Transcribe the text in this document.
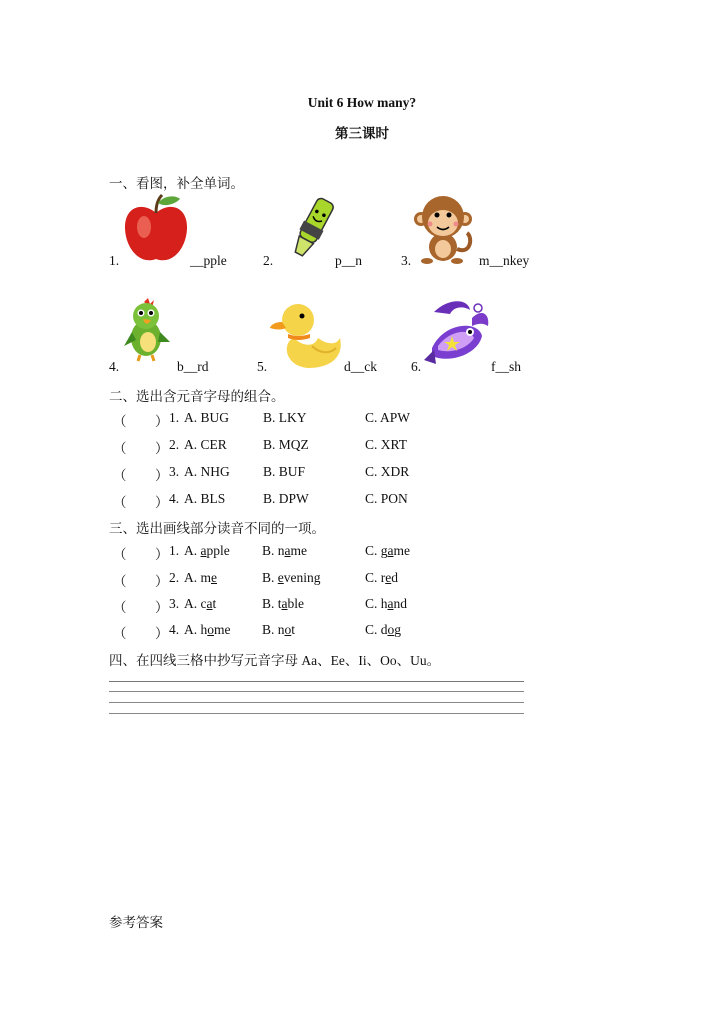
Unit 6 How many?
第三课时
一、看图，补全单词。
1.	__pple	2.	p__n	3.	m__nkey
4.	b__rd	5.	d__ck	6.	f__sh
二、选出含元音字母的组合。
（ ） 1. A. BUG	B. LKY	C. APW
（ ） 2. A. CER	B. MQZ	C. XRT
（ ） 3. A. NHG B. BUF	C. XDR
（ ） 4. A. BLS	B. DPW	C. PON
三、选出画线部分读音不同的一项。
（ ） 1. A. apple B. name	C. game
（ ） 2. A. me	B. evening	C. red
（ ） 3. A. cat	B. table	C. hand
（ ） 4. A. home B. not	C. dog
四、在四线三格中抄写元音字母 Aa、Ee、Ii、Oo、Uu。
参考答案
